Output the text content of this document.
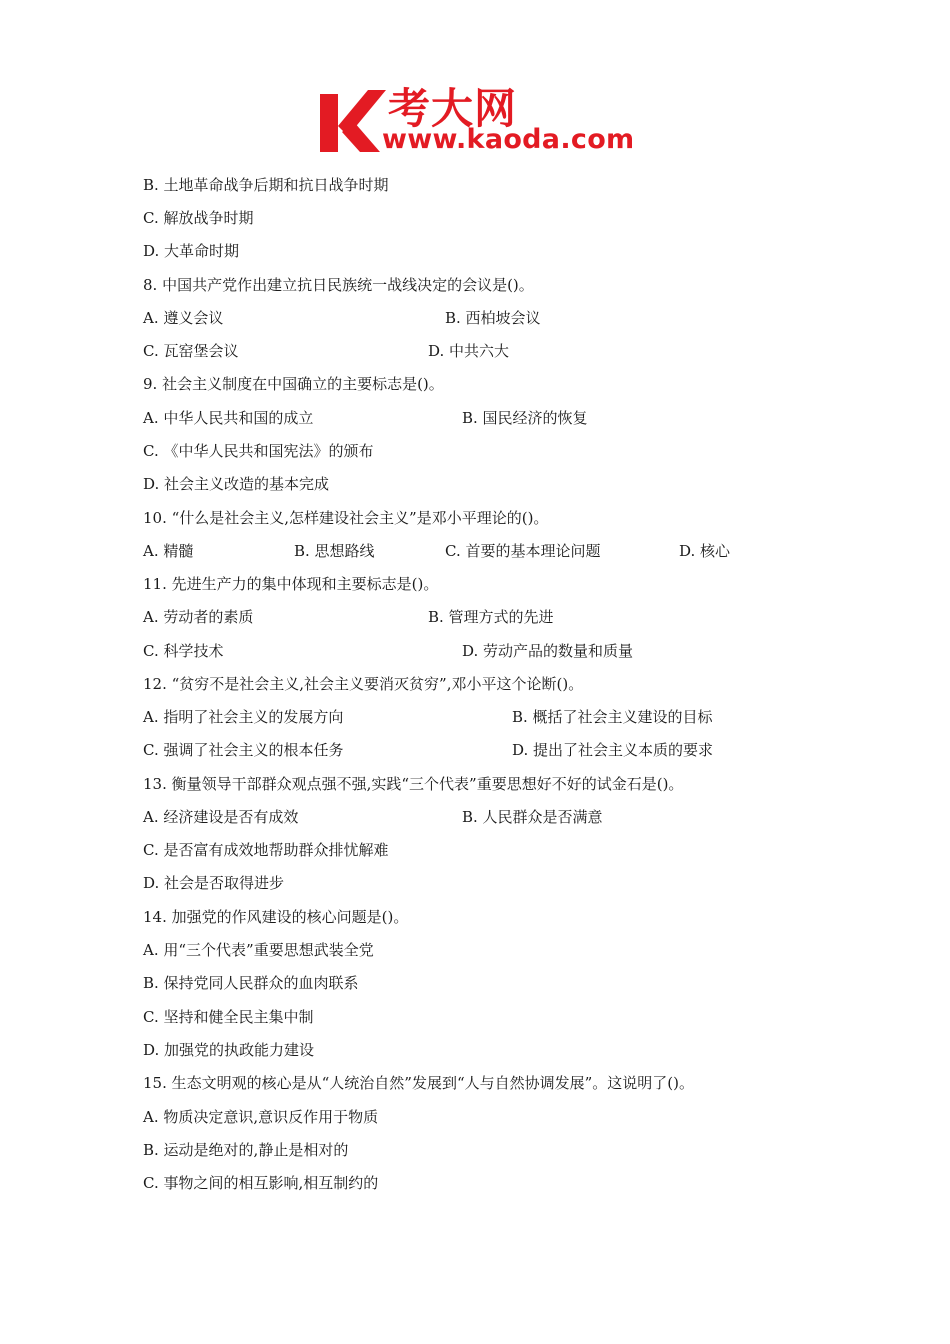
考大网
www.kaoda.com
B. 土地革命战争后期和抗日战争时期
C. 解放战争时期
D. 大革命时期
8. 中国共产党作出建立抗日民族统一战线决定的会议是()。
A. 遵义会议	B. 西柏坡会议
C. 瓦窑堡会议	D. 中共六大
9. 社会主义制度在中国确立的主要标志是()。
A. 中华人民共和国的成立	B. 国民经济的恢复
C. 《中华人民共和国宪法》的颁布
D. 社会主义改造的基本完成
10. “什么是社会主义,怎样建设社会主义”是邓小平理论的()。
A. 精髓	B. 思想路线	C. 首要的基本理论问题	D. 核心
11. 先进生产力的集中体现和主要标志是()。
A. 劳动者的素质	B. 管理方式的先进
C. 科学技术	D. 劳动产品的数量和质量
12. “贫穷不是社会主义,社会主义要消灭贫穷”,邓小平这个论断()。
A. 指明了社会主义的发展方向	B. 概括了社会主义建设的目标
C. 强调了社会主义的根本任务	D. 提出了社会主义本质的要求
13. 衡量领导干部群众观点强不强,实践“三个代表”重要思想好不好的试金石是()。
A. 经济建设是否有成效	B. 人民群众是否满意
C. 是否富有成效地帮助群众排忧解难
D. 社会是否取得进步
14. 加强党的作风建设的核心问题是()。
A. 用“三个代表”重要思想武装全党
B. 保持党同人民群众的血肉联系
C. 坚持和健全民主集中制
D. 加强党的执政能力建设
15. 生态文明观的核心是从“人统治自然”发展到“人与自然协调发展”。这说明了()。
A. 物质决定意识,意识反作用于物质
B. 运动是绝对的,静止是相对的
C. 事物之间的相互影响,相互制约的
